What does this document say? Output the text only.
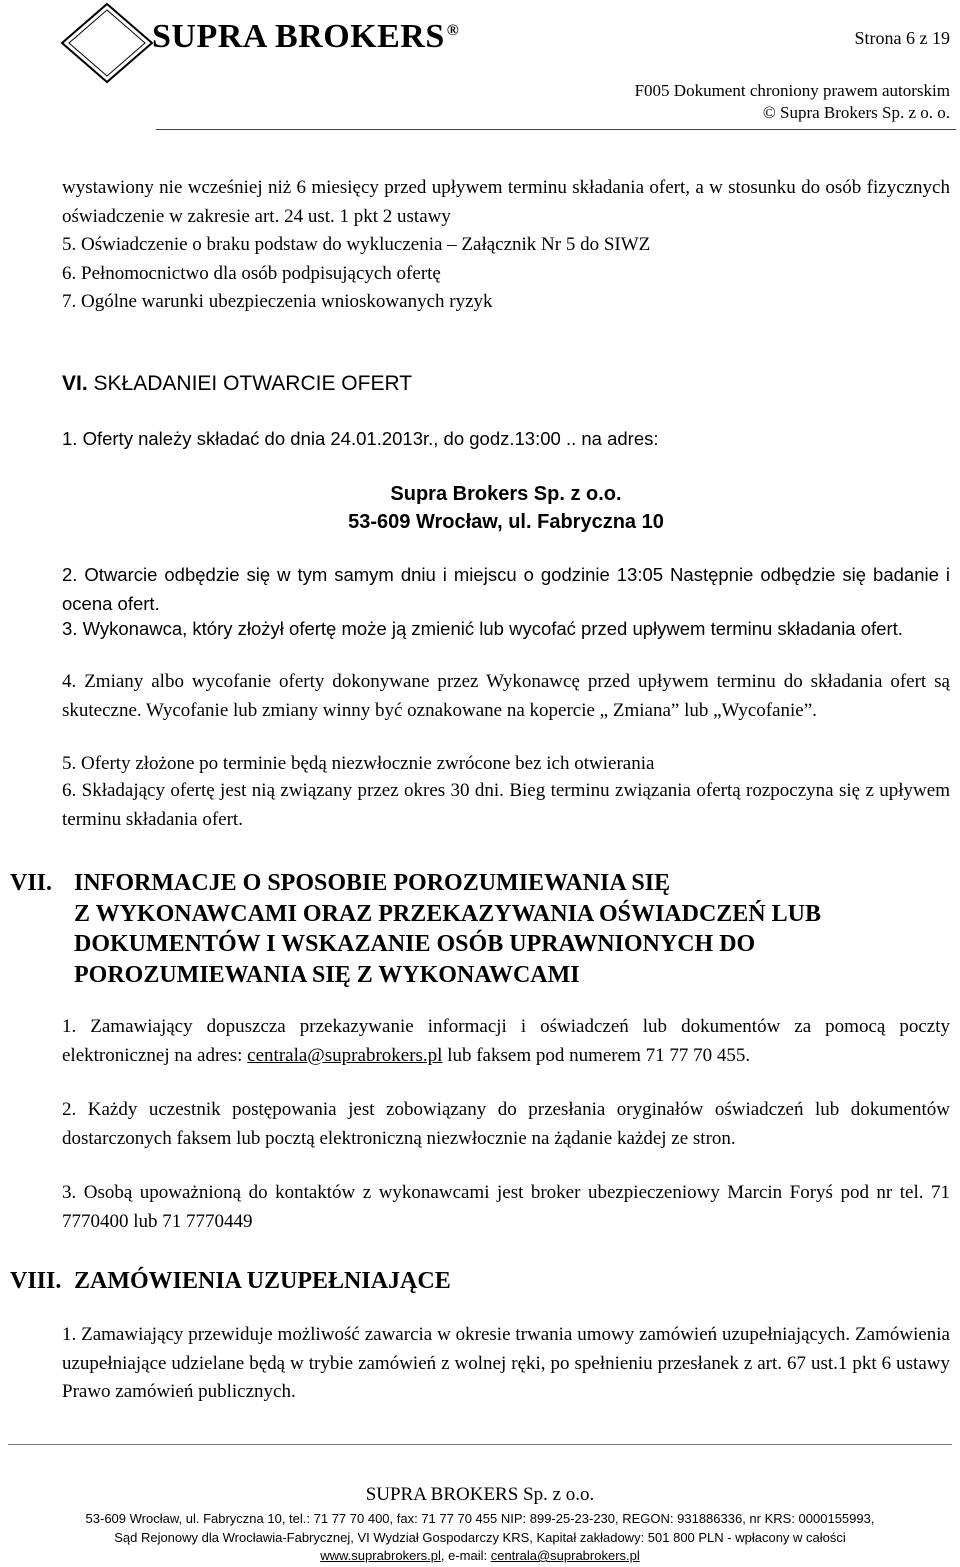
SUPRA BROKERS ®	Strona 6 z 19
F005 Dokument chroniony prawem autorskim
© Supra Brokers Sp. z o. o.
wystawiony nie wcześniej niż 6 miesięcy przed upływem terminu składania ofert, a w stosunku do osób fizycznych oświadczenie w zakresie art. 24 ust. 1 pkt 2 ustawy
5. Oświadczenie o braku podstaw do wykluczenia – Załącznik Nr 5 do SIWZ
6. Pełnomocnictwo dla osób podpisujących ofertę
7. Ogólne warunki ubezpieczenia wnioskowanych ryzyk
VI. SKŁADANIEI OTWARCIE OFERT
1. Oferty należy składać do dnia 24.01.2013r., do godz.13:00 .. na adres:
Supra Brokers Sp. z o.o.
53-609 Wrocław, ul. Fabryczna 10
2. Otwarcie odbędzie się w tym samym dniu i miejscu o godzinie 13:05 Następnie odbędzie się badanie i ocena ofert.
3. Wykonawca, który złożył ofertę może ją zmienić lub wycofać przed upływem terminu składania ofert.
4. Zmiany albo wycofanie oferty dokonywane przez Wykonawcę przed upływem terminu do składania ofert są skuteczne. Wycofanie lub zmiany winny być oznakowane na kopercie „ Zmiana” lub „Wycofanie”.
5. Oferty złożone po terminie będą niezwłocznie zwrócone bez ich otwierania
6. Składający ofertę jest nią związany przez okres 30 dni. Bieg terminu związania ofertą rozpoczyna się z upływem terminu składania ofert.
VII. INFORMACJE O SPOSOBIE POROZUMIEWANIA SIĘ
Z WYKONAWCAMI ORAZ PRZEKAZYWANIA OŚWIADCZEŃ LUB
DOKUMENTÓW I WSKAZANIE OSÓB UPRAWNIONYCH DO
POROZUMIEWANIA SIĘ Z WYKONAWCAMI
1. Zamawiający dopuszcza przekazywanie informacji i oświadczeń lub dokumentów za pomocą poczty elektronicznej na adres: centrala@suprabrokers.pl lub faksem pod numerem 71 77 70 455.
2. Każdy uczestnik postępowania jest zobowiązany do przesłania oryginałów oświadczeń lub dokumentów dostarczonych faksem lub pocztą elektroniczną niezwłocznie na żądanie każdej ze stron.
3. Osobą upoważnioną do kontaktów z wykonawcami jest broker ubezpieczeniowy Marcin Foryś pod nr tel. 71 7770400 lub 71 7770449
VIII. ZAMÓWIENIA UZUPEŁNIAJĄCE
1. Zamawiający przewiduje możliwość zawarcia w okresie trwania umowy zamówień uzupełniających. Zamówienia uzupełniające udzielane będą w trybie zamówień z wolnej ręki, po spełnieniu przesłanek z art. 67 ust.1 pkt 6 ustawy Prawo zamówień publicznych.
SUPRA BROKERS Sp. z o.o.
53-609 Wrocław, ul. Fabryczna 10, tel.: 71 77 70 400, fax: 71 77 70 455 NIP: 899-25-23-230, REGON: 931886336, nr KRS: 0000155993,
Sąd Rejonowy dla Wrocławia-Fabrycznej, VI Wydział Gospodarczy KRS, Kapitał zakładowy: 501 800 PLN - wpłacony w całości
www.suprabrokers.pl, e-mail: centrala@suprabrokers.pl
